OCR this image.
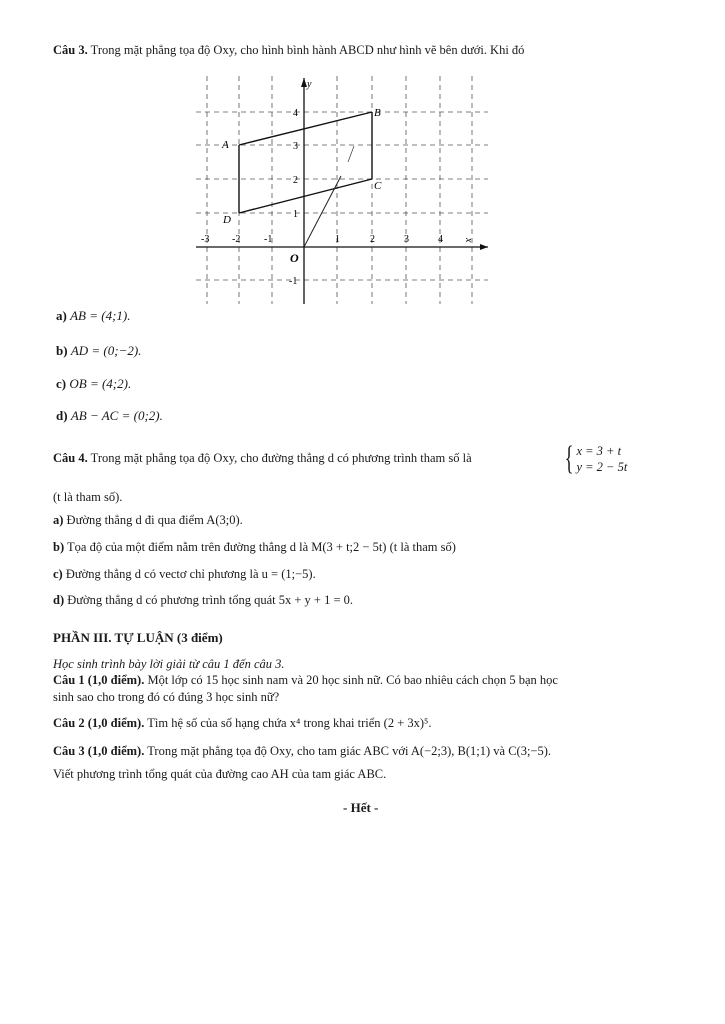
Câu 3. Trong mặt phẳng tọa độ Oxy, cho hình bình hành ABCD như hình vẽ bên dưới. Khi đó
A
B
C
D
O
y
x
-3 -2 -1	1	2	3	4
4
3
2
1
-1
a) AB = (4;1).
b) AD = (0;−2).
c) OB = (4;2).
d) AB − AC = (0;2).
Câu 4. Trong mặt phẳng tọa độ Oxy, cho đường thẳng d có phương trình tham số là	{ x = 3 + t
y = 2 − 5t
(t là tham số).
a) Đường thẳng d đi qua điểm A(3;0).
b) Tọa độ của một điểm nằm trên đường thẳng d là M(3 + t;2 − 5t) (t là tham số)
c) Đường thẳng d có vectơ chỉ phương là u = (1;−5).
d) Đường thẳng d có phương trình tổng quát 5x + y + 1 = 0.
PHẦN III. TỰ LUẬN (3 điểm)
Học sinh trình bày lời giải từ câu 1 đến câu 3.
Câu 1 (1,0 điểm). Một lớp có 15 học sinh nam và 20 học sinh nữ. Có bao nhiêu cách chọn 5 bạn học
sinh sao cho trong đó có đúng 3 học sinh nữ?
Câu 2 (1,0 điểm). Tìm hệ số của số hạng chứa x⁴ trong khai triển (2 + 3x)⁵.
Câu 3 (1,0 điểm). Trong mặt phẳng tọa độ Oxy, cho tam giác ABC với A(−2;3), B(1;1) và C(3;−5).
Viết phương trình tổng quát của đường cao AH của tam giác ABC.
- Hết -
